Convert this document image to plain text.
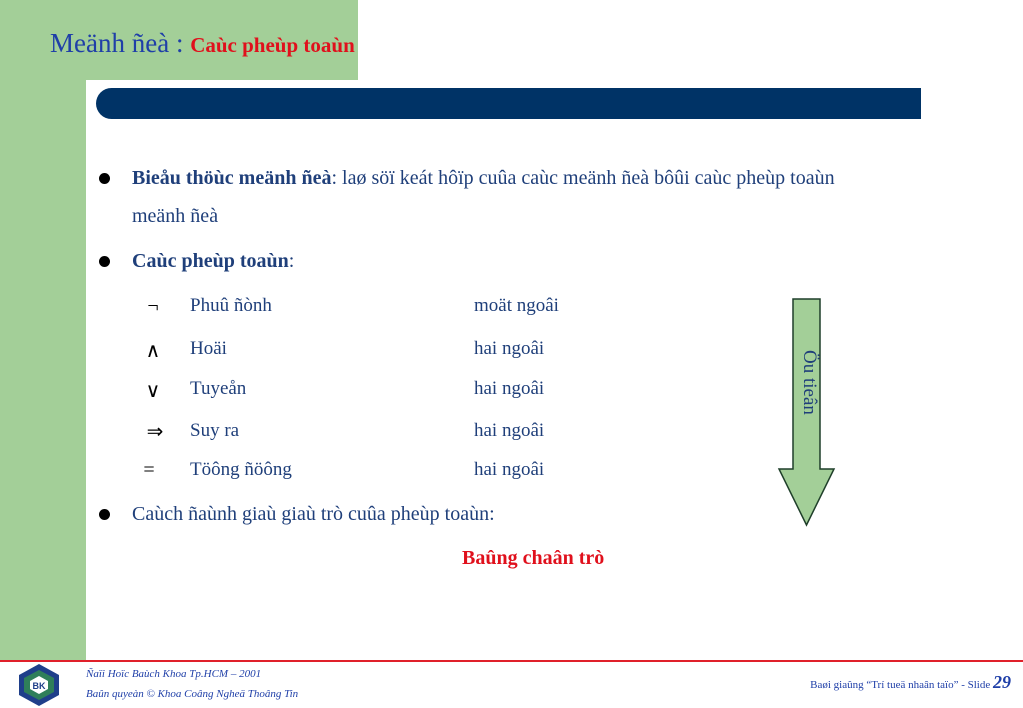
Meänh ñeà : Caùc pheùp toaùn
Bieåu thöùc meänh ñeà: laø söï keát hôïp cuûa caùc meänh ñeà bôûi caùc pheùp toaùn
meänh ñeà
Caùc pheùp toaùn:
¬	Phuû ñònh	moät ngoâi
∧	Hoäi	hai ngoâi
∨	Tuyeån	hai ngoâi
⇒	Suy ra	hai ngoâi
=	Töông ñöông	hai ngoâi
Caùch ñaùnh giaù giaù trò cuûa pheùp toaùn:
Baûng chaân trò
Öu tieân
BK
Ñaïi Hoïc Baùch Khoa Tp.HCM – 2001
Baûn quyeàn © Khoa Coâng Ngheä Thoâng Tin
Baøi giaûng “Trí tueä nhaân taïo” - Slide 29
